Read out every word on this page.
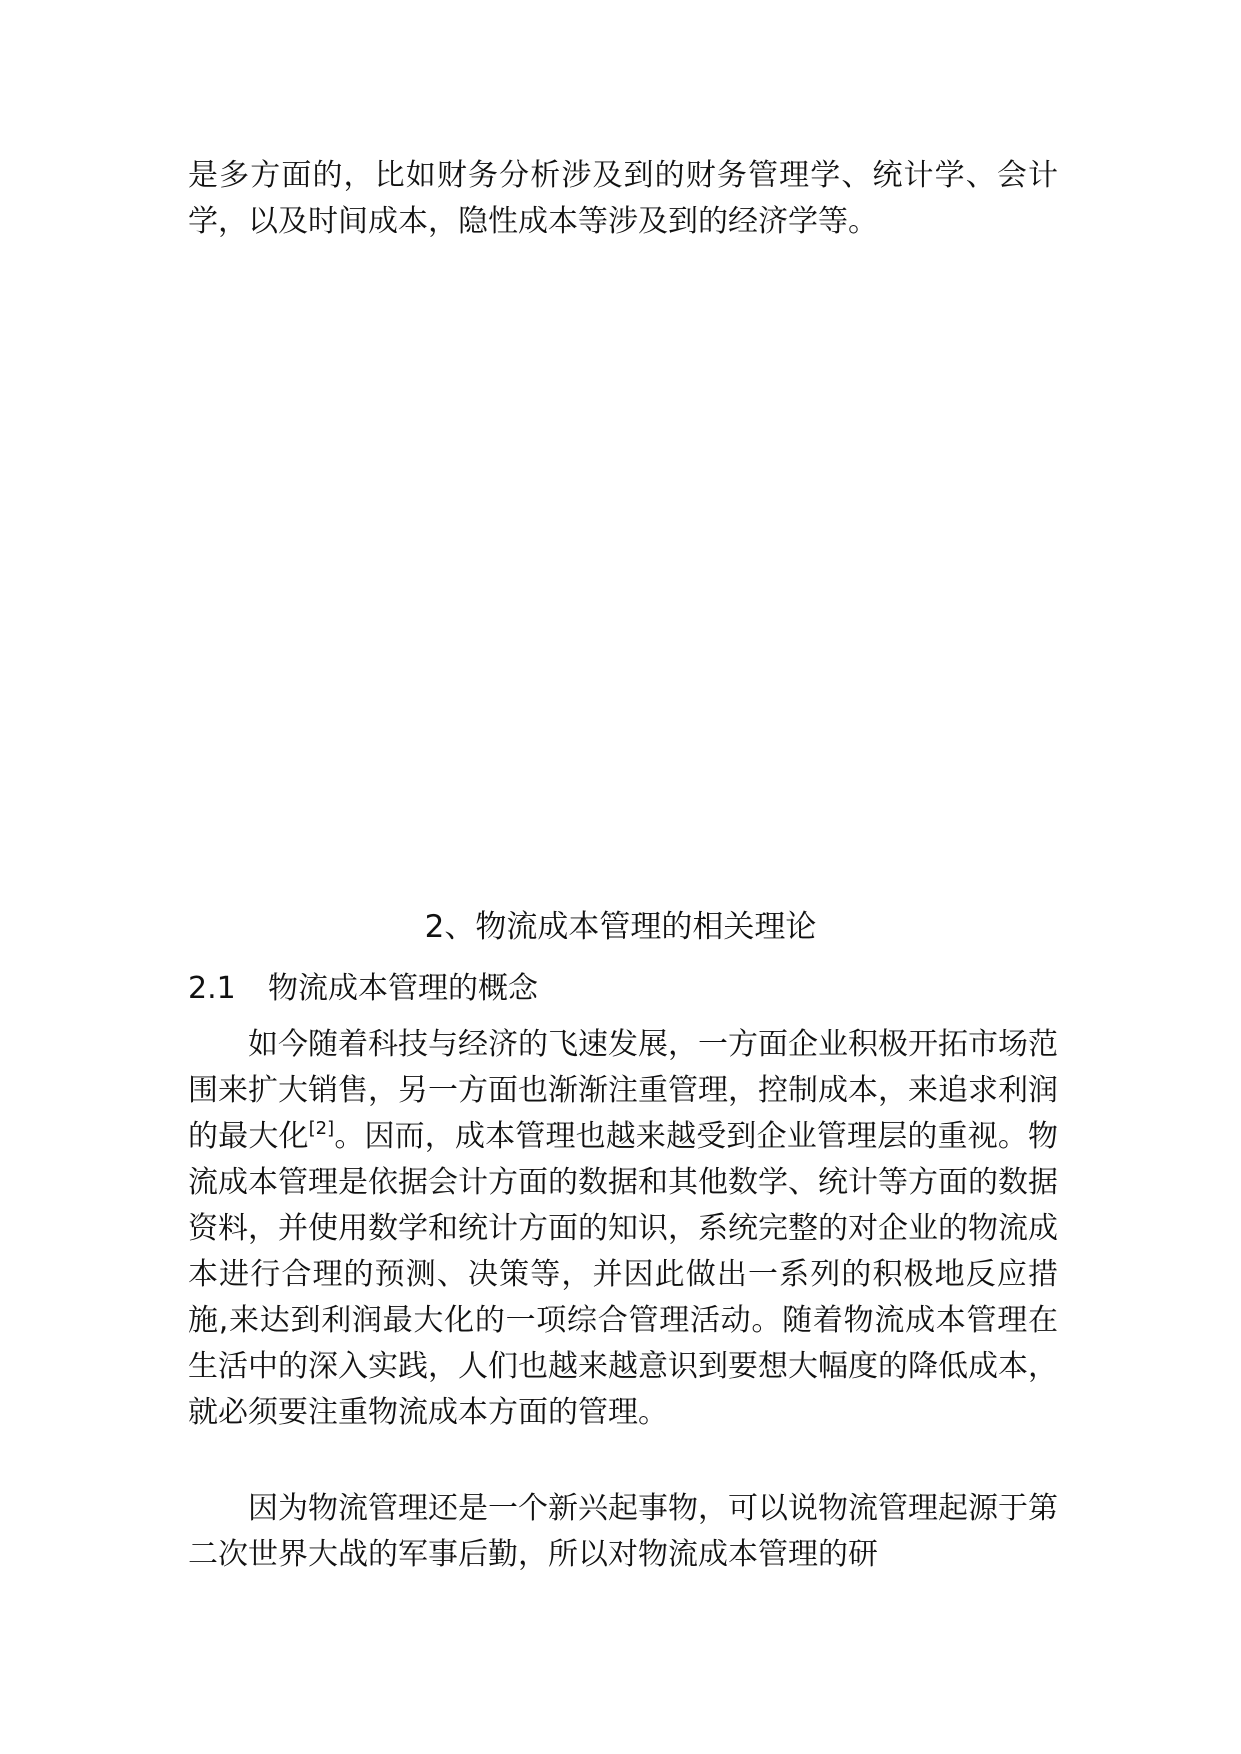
是多方面的，比如财务分析涉及到的财务管理学、统计学、会计学，以及时间成本，隐性成本等涉及到的经济学等。

2、物流成本管理的相关理论
2.1 物流成本管理的概念

如今随着科技与经济的飞速发展，一方面企业积极开拓市场范围来扩大销售，另一方面也渐渐注重管理，控制成本，来追求利润的最大化[2]。因而，成本管理也越来越受到企业管理层的重视。物流成本管理是依据会计方面的数据和其他数学、统计等方面的数据资料，并使用数学和统计方面的知识，系统完整的对企业的物流成本进行合理的预测、决策等，并因此做出一系列的积极地反应措施,来达到利润最大化的一项综合管理活动。随着物流成本管理在生活中的深入实践，人们也越来越意识到要想大幅度的降低成本，就必须要注重物流成本方面的管理。

因为物流管理还是一个新兴起事物，可以说物流管理起源于第二次世界大战的军事后勤，所以对物流成本管理的研
